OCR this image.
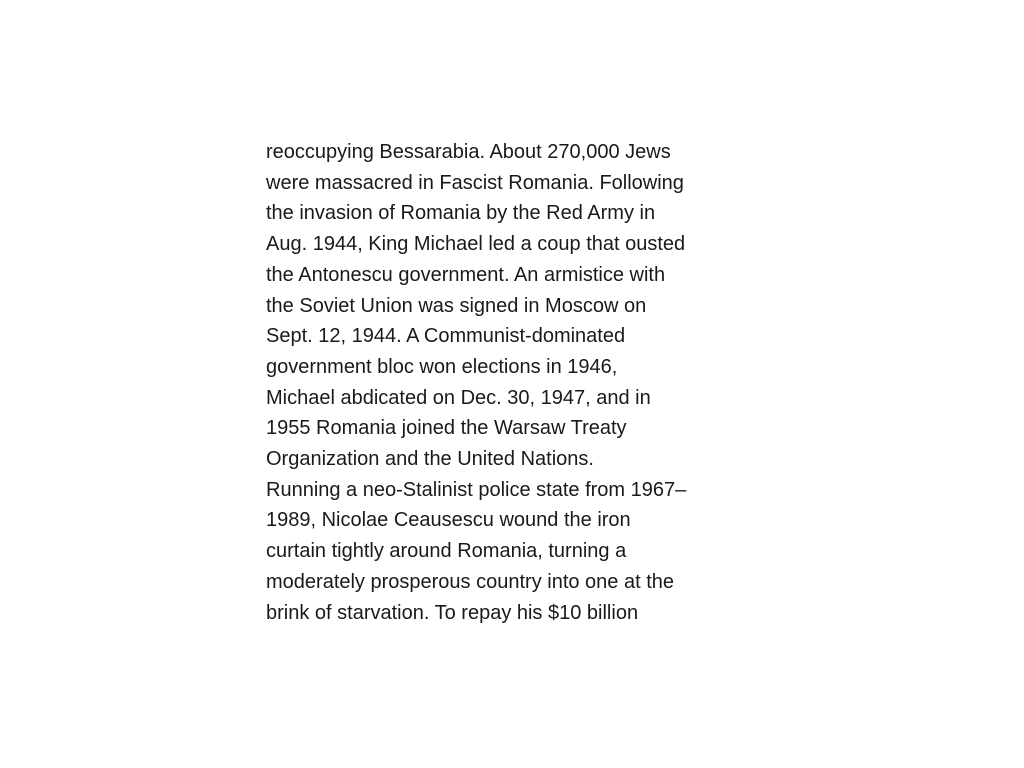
reoccupying Bessarabia. About 270,000 Jews
were massacred in Fascist Romania. Following
the invasion of Romania by the Red Army in
Aug. 1944, King Michael led a coup that ousted
the Antonescu government. An armistice with
the Soviet Union was signed in Moscow on
Sept. 12, 1944. A Communist-dominated
government bloc won elections in 1946,
Michael abdicated on Dec. 30, 1947, and in
1955 Romania joined the Warsaw Treaty
Organization and the United Nations.
Running a neo-Stalinist police state from 1967–
1989, Nicolae Ceausescu wound the iron
curtain tightly around Romania, turning a
moderately prosperous country into one at the
brink of starvation. To repay his $10 billion
